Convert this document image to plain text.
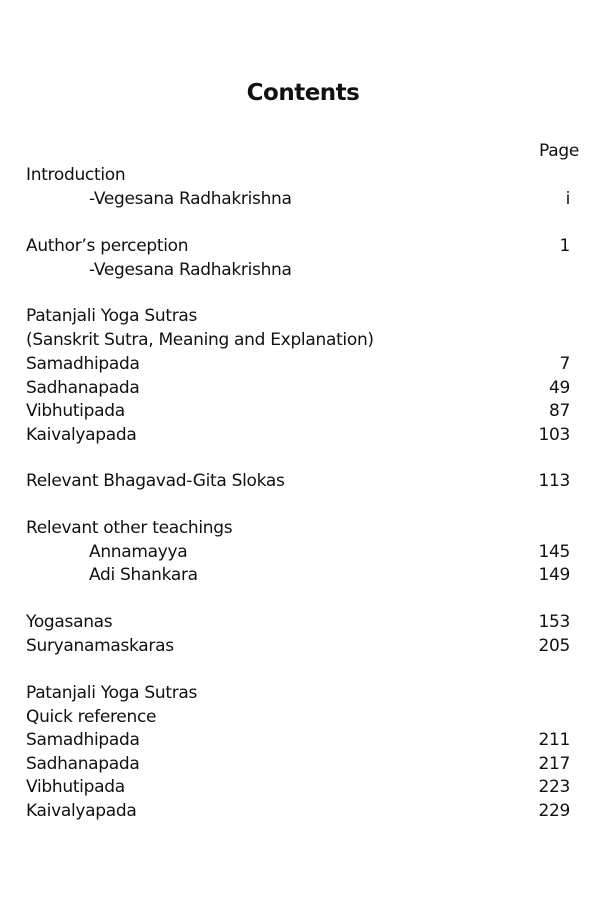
Contents
Page
Introduction
-Vegesana Radhakrishna	i
Author’s perception	1
-Vegesana Radhakrishna
Patanjali Yoga Sutras
(Sanskrit Sutra, Meaning and Explanation)
Samadhipada	7
Sadhanapada	49
Vibhutipada	87
Kaivalyapada	103
Relevant Bhagavad-Gita Slokas	113
Relevant other teachings
Annamayya	145
Adi Shankara	149
Yogasanas	153
Suryanamaskaras	205
Patanjali Yoga Sutras
Quick reference
Samadhipada	211
Sadhanapada	217
Vibhutipada	223
Kaivalyapada	229
